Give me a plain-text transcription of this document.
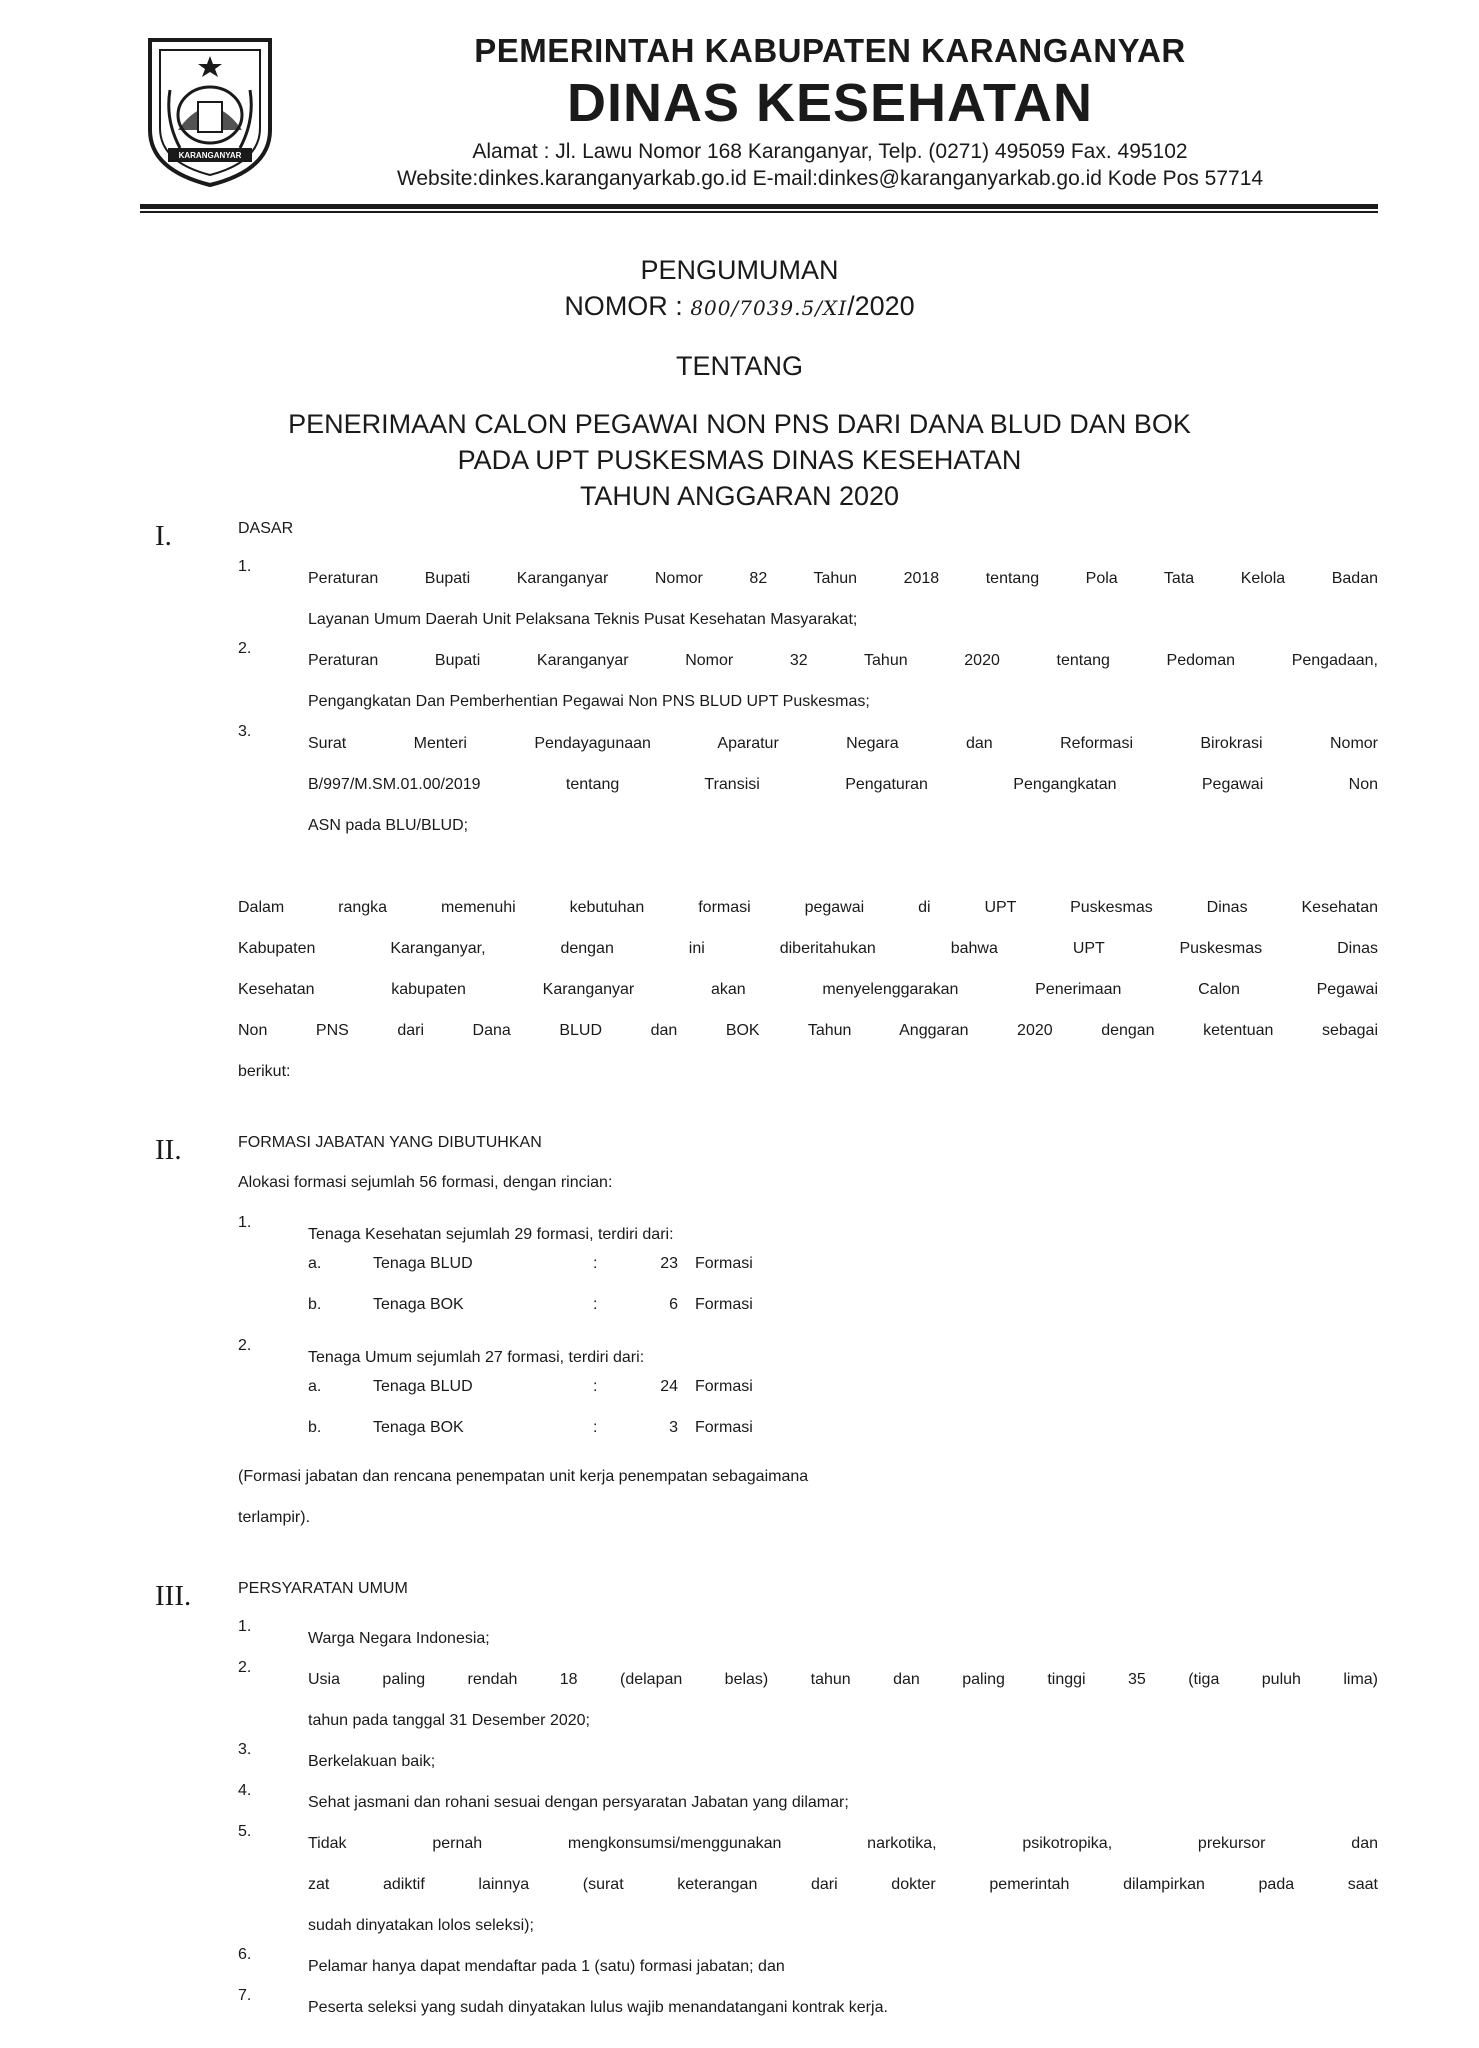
KARANGANYAR
PEMERINTAH KABUPATEN KARANGANYAR
DINAS KESEHATAN
Alamat : Jl. Lawu Nomor 168 Karanganyar, Telp. (0271) 495059 Fax. 495102
Website:dinkes.karanganyarkab.go.id E-mail:dinkes@karanganyarkab.go.id Kode Pos 57714
PENGUMUMAN
NOMOR : 800/7039.5/XI/2020
TENTANG
PENERIMAAN CALON PEGAWAI NON PNS DARI DANA BLUD DAN BOK
PADA UPT PUSKESMAS DINAS KESEHATAN
TAHUN ANGGARAN 2020
I.	DASAR
1.
Peraturan Bupati Karanganyar Nomor 82 Tahun 2018 tentang Pola Tata Kelola Badan
Layanan Umum Daerah Unit Pelaksana Teknis Pusat Kesehatan Masyarakat;
2.
Peraturan Bupati Karanganyar Nomor 32 Tahun 2020 tentang Pedoman Pengadaan,
Pengangkatan Dan Pemberhentian Pegawai Non PNS BLUD UPT Puskesmas;
3.
Surat Menteri Pendayagunaan Aparatur Negara dan Reformasi Birokrasi Nomor
B/997/M.SM.01.00/2019 tentang Transisi Pengaturan Pengangkatan Pegawai Non
ASN pada BLU/BLUD;
Dalam rangka memenuhi kebutuhan formasi pegawai di UPT Puskesmas Dinas Kesehatan
Kabupaten Karanganyar, dengan ini diberitahukan bahwa UPT Puskesmas Dinas
Kesehatan kabupaten Karanganyar akan menyelenggarakan Penerimaan Calon Pegawai
Non PNS dari Dana BLUD dan BOK Tahun Anggaran 2020 dengan ketentuan sebagai
berikut:
II.	FORMASI JABATAN YANG DIBUTUHKAN
Alokasi formasi sejumlah 56 formasi, dengan rincian:
1.
Tenaga Kesehatan sejumlah 29 formasi, terdiri dari:
a.	Tenaga BLUD	:	23 Formasi
b.	Tenaga BOK	:	6 Formasi
2.
Tenaga Umum sejumlah 27 formasi, terdiri dari:
a.	Tenaga BLUD	:	24 Formasi
b.	Tenaga BOK	:	3 Formasi
(Formasi jabatan dan rencana penempatan unit kerja penempatan sebagaimana
terlampir).
III.	PERSYARATAN UMUM
1.
Warga Negara Indonesia;
2.
Usia paling rendah 18 (delapan belas) tahun dan paling tinggi 35 (tiga puluh lima)
tahun pada tanggal 31 Desember 2020;
3.
Berkelakuan baik;
4.
Sehat jasmani dan rohani sesuai dengan persyaratan Jabatan yang dilamar;
5.
Tidak pernah mengkonsumsi/menggunakan narkotika, psikotropika, prekursor dan
zat adiktif lainnya (surat keterangan dari dokter pemerintah dilampirkan pada saat
sudah dinyatakan lolos seleksi);
6.
Pelamar hanya dapat mendaftar pada 1 (satu) formasi jabatan; dan
7.
Peserta seleksi yang sudah dinyatakan lulus wajib menandatangani kontrak kerja.
